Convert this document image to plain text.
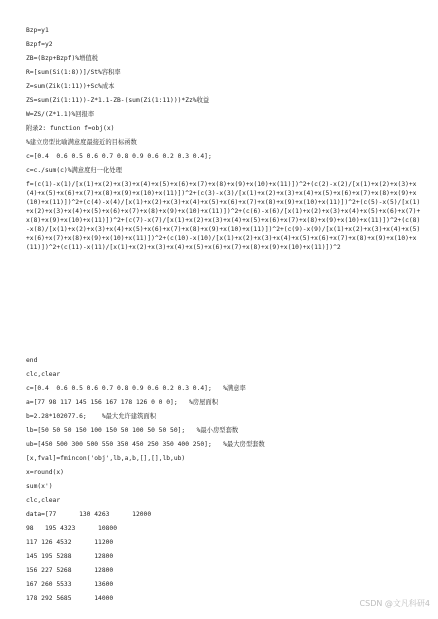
Bzp=y1
Bzpf=y2
ZB=(Bzp+Bzpf)%增值税
R=[sum(Si(1:8))]/St%容积率
Z=sum(Zik(1:11))+Sc%成本
ZS=sum(Zi(1:11))-Z*1.1-ZB-(sum(Zi(1:11)))*Zz%收益
W=ZS/(Z*1.1)%回报率
附录2: function f=obj(x)
%建立房型比喻满意度最接近的目标函数
c=[0.4  0.6 0.5 0.6 0.7 0.8 0.9 0.6 0.2 0.3 0.4];
c=c./sum(c)%满意度归一化处理
f=(c(1)-x(1)/[x(1)+x(2)+x(3)+x(4)+x(5)+x(6)+x(7)+x(8)+x(9)+x(10)+x(11)])^2+(c(2)-x(2)/[x(1)+x(2)+x(3)+x(4)+x(5)+x(6)+x(7)+x(8)+x(9)+x(10)+x(11)])^2+(c(3)-x(3)/[x(1)+x(2)+x(3)+x(4)+x(5)+x(6)+x(7)+x(8)+x(9)+x(10)+x(11)])^2+(c(4)-x(4)/[x(1)+x(2)+x(3)+x(4)+x(5)+x(6)+x(7)+x(8)+x(9)+x(10)+x(11)])^2+(c(5)-x(5)/[x(1)+x(2)+x(3)+x(4)+x(5)+x(6)+x(7)+x(8)+x(9)+x(10)+x(11)])^2+(c(6)-x(6)/[x(1)+x(2)+x(3)+x(4)+x(5)+x(6)+x(7)+x(8)+x(9)+x(10)+x(11)])^2+(c(7)-x(7)/[x(1)+x(2)+x(3)+x(4)+x(5)+x(6)+x(7)+x(8)+x(9)+x(10)+x(11)])^2+(c(8)-x(8)/[x(1)+x(2)+x(3)+x(4)+x(5)+x(6)+x(7)+x(8)+x(9)+x(10)+x(11)])^2+(c(9)-x(9)/[x(1)+x(2)+x(3)+x(4)+x(5)+x(6)+x(7)+x(8)+x(9)+x(10)+x(11)])^2+(c(10)-x(10)/[x(1)+x(2)+x(3)+x(4)+x(5)+x(6)+x(7)+x(8)+x(9)+x(10)+x(11)])^2+(c(11)-x(11)/[x(1)+x(2)+x(3)+x(4)+x(5)+x(6)+x(7)+x(8)+x(9)+x(10)+x(11)])^2
end
clc,clear
c=[0.4  0.6 0.5 0.6 0.7 0.8 0.9 0.6 0.2 0.3 0.4];   %满意率
a=[77 98 117 145 156 167 178 126 0 0 0];   %房屋面积
b=2.28*102077.6;    %最大允许建筑面积
lb=[50 50 50 150 100 150 50 100 50 50 50];   %最小房型套数
ub=[450 500 300 500 550 350 450 250 350 400 250];   %最大房型套数
[x,fval]=fmincon('obj',lb,a,b,[],[],lb,ub)
x=round(x)
sum(x')
clc,clear
data=[77      130 4263      12000
98   195 4323      10800
117 126 4532      11200
145 195 5288      12800
156 227 5268      12800
167 260 5533      13600
178 292 5685      14000
CSDN @文凡科研4
